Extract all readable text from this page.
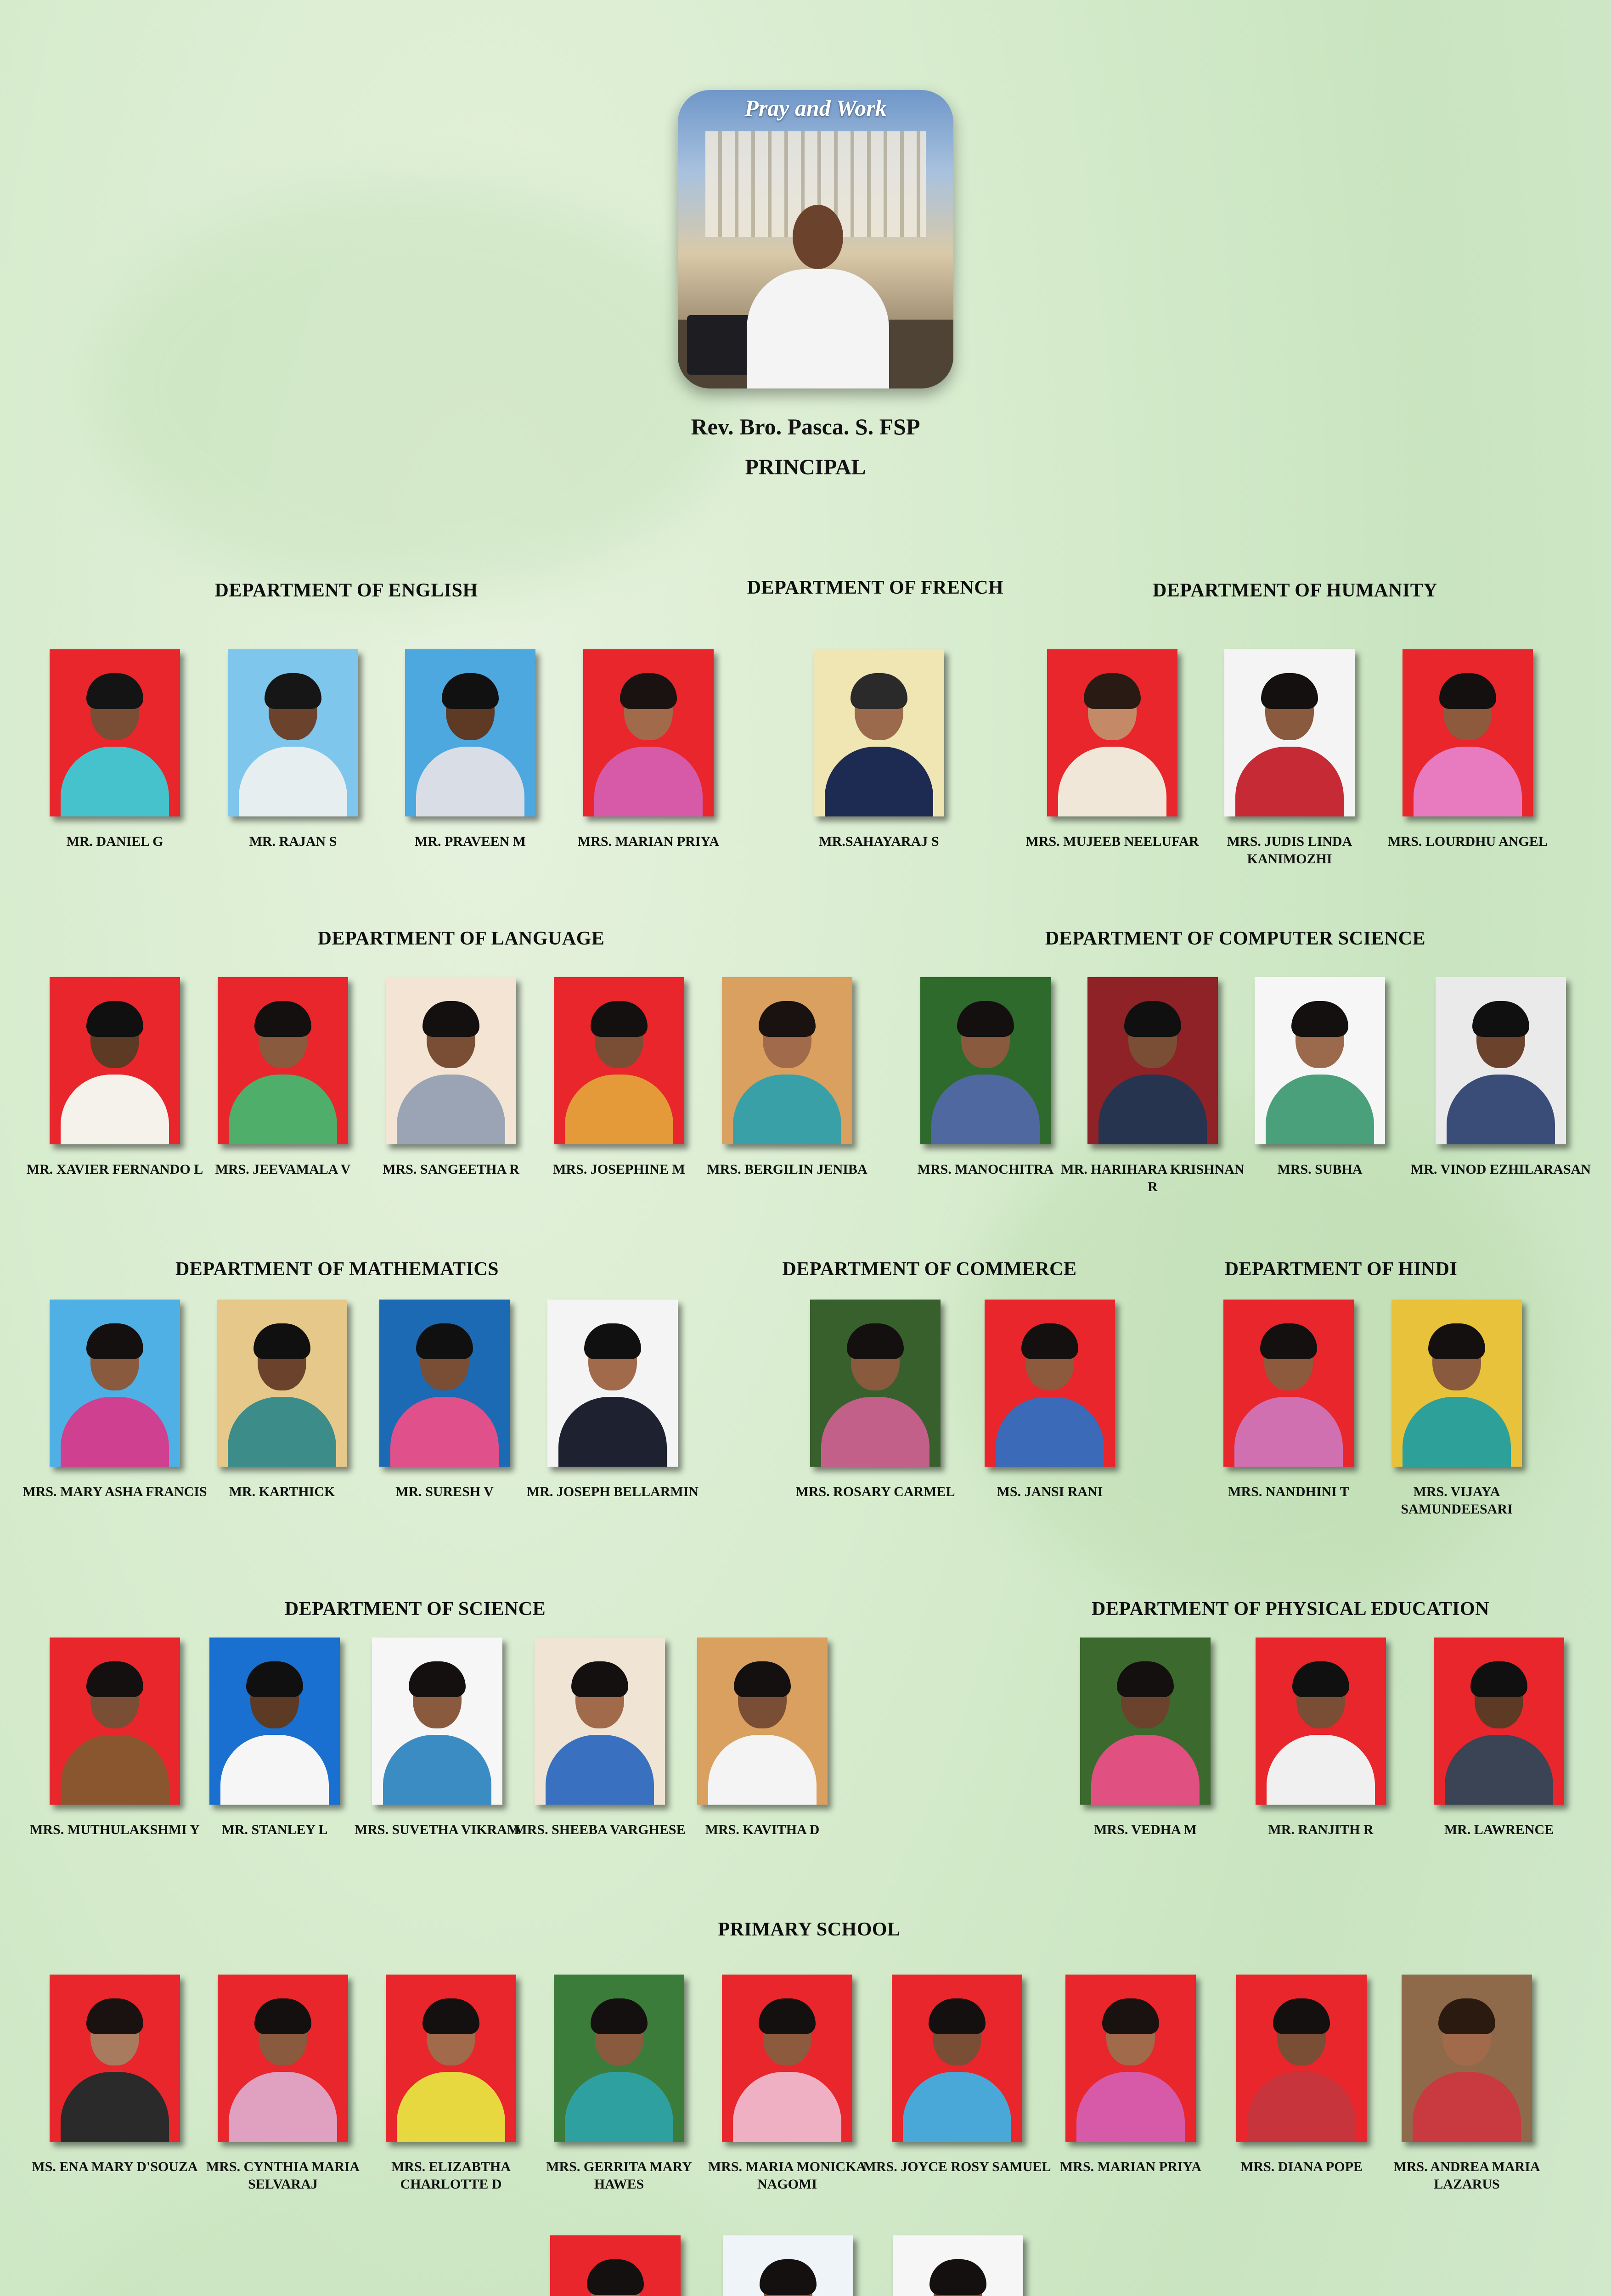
Pray and Work
Rev. Bro. Pasca. S. FSP
PRINCIPAL
DEPARTMENT OF ENGLISH	DEPARTMENT OF FRENCH	DEPARTMENT OF HUMANITY
DEPARTMENT OF LANGUAGE	DEPARTMENT OF COMPUTER SCIENCE
DEPARTMENT OF MATHEMATICS	DEPARTMENT OF COMMERCE	DEPARTMENT OF HINDI
DEPARTMENT OF SCIENCE	DEPARTMENT OF PHYSICAL EDUCATION
PRIMARY SCHOOL
MR. DANIEL G	MR. RAJAN S	MR. PRAVEEN M	MRS. MARIAN PRIYA	MR.SAHAYARAJ S	MRS. MUJEEB NEELUFAR	MRS. JUDIS LINDA KANIMOZHI
MRS. LOURDHU ANGEL
MR. XAVIER FERNANDO L MRS. JEEVAMALA V	MRS. SANGEETHA R	MRS. JOSEPHINE M	MRS. BERGILIN JENIBA	MRS. MANOCHITRA MR. HARIHARA KRISHNAN R
MRS. SUBHA	MR. VINOD EZHILARASAN
MRS. MARY ASHA FRANCIS	MR. KARTHICK	MR. SURESH V	MR. JOSEPH BELLARMIN	MRS. ROSARY CARMEL	MS. JANSI RANI	MRS. NANDHINI T	MRS. VIJAYA SAMUNDEESARI
MRS. MUTHULAKSHMI Y	MR. STANLEY L	MRS. SUVETHA VIKRAM
MRS. SHEEBA VARGHESE	MRS. KAVITHA D	MRS. VEDHA M	MR. RANJITH R	MR. LAWRENCE
MS. ENA MARY D'SOUZA MRS. CYNTHIA MARIA SELVARAJ
MRS. ELIZABTHA CHARLOTTE D
MRS. GERRITA MARY HAWES
MRS. MARIA MONICKA NAGOMI
MRS. JOYCE ROSY SAMUEL MRS. MARIAN PRIYA	MRS. DIANA POPE	MRS. ANDREA MARIA LAZARUS
